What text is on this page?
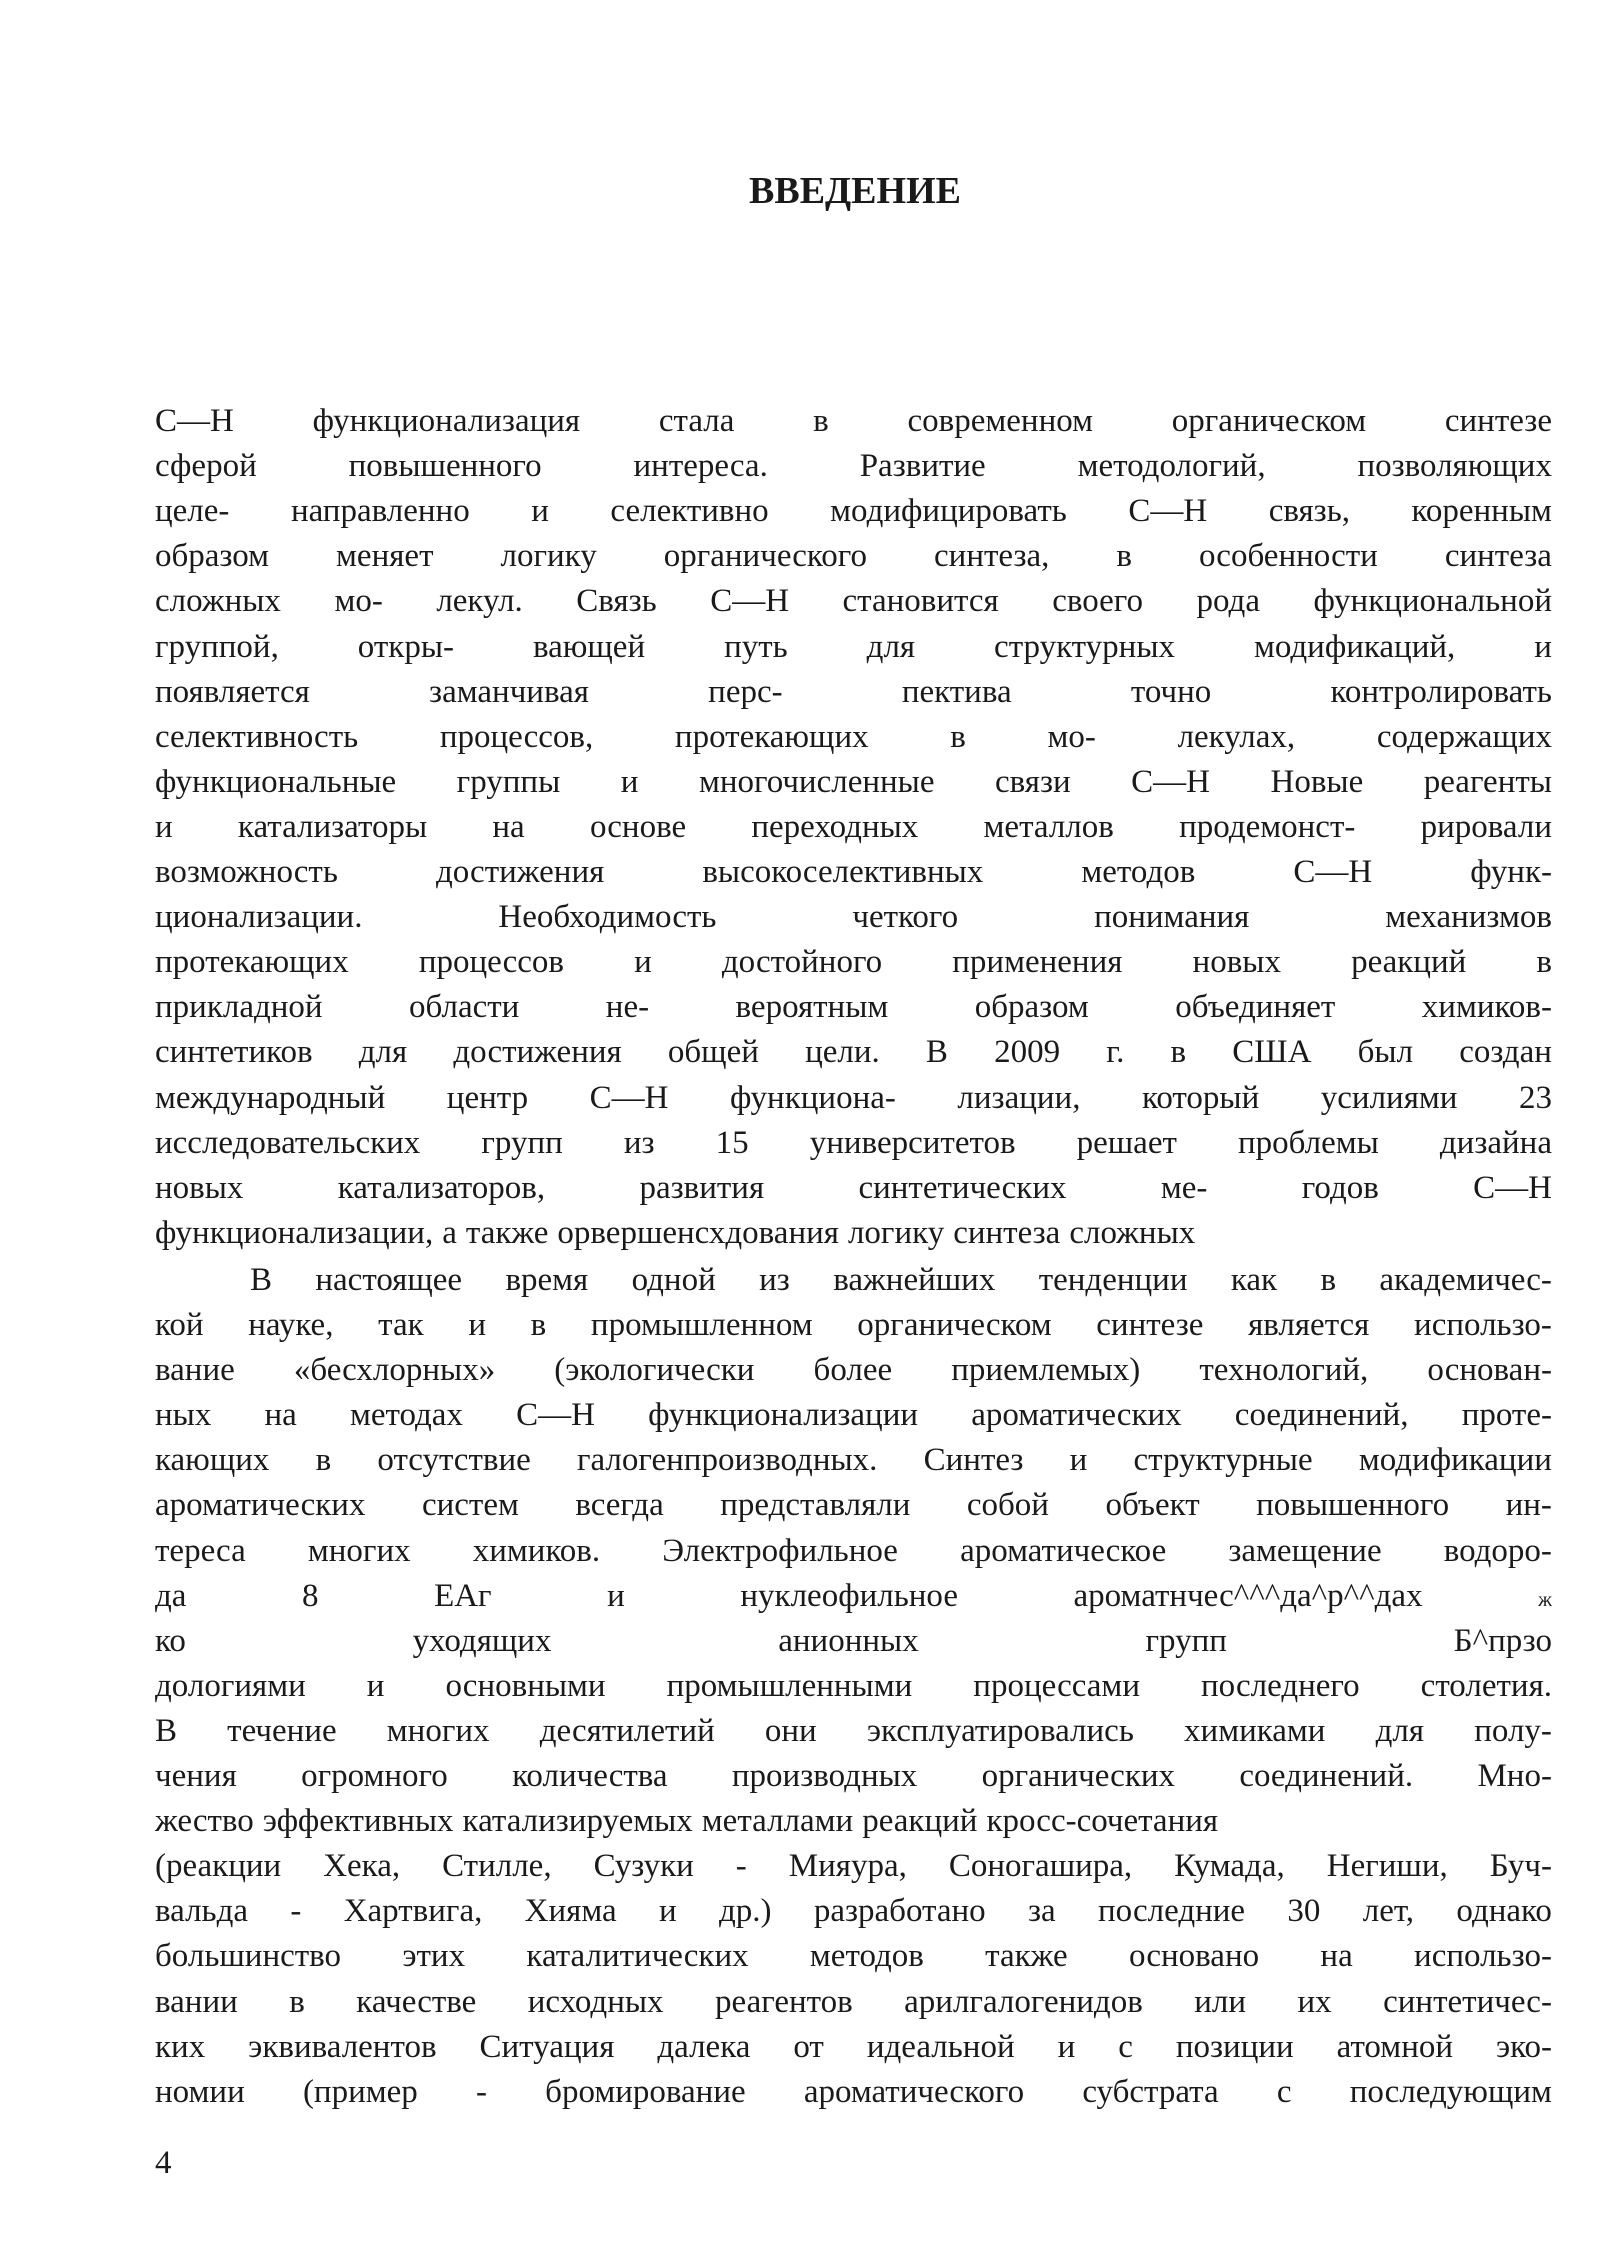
ВВЕДЕНИЕ
С—Н функционализация стала в современном органическом синтезе
сферой	повышенного	интереса.	Развитие	методологий,	позволяющих
целе- направленно и селективно модифицировать С—Н связь, коренным
образом меняет логику органического синтеза, в особенности синтеза
сложных мо- лекул. Связь С—Н становится своего рода функциональной
группой, откры- вающей путь для структурных модификаций, и
появляется	заманчивая	перс-	пектива	точно	контролировать
селективность процессов, протекающих в мо- лекулах, содержащих
функциональные группы и многочисленные связи С—Н Новые реагенты
и катализаторы на основе переходных металлов продемонст- рировали
возможность	достижения	высокоселективных	методов	С—Н	функ-
ционализации.	Необходимость	четкого	понимания	механизмов
протекающих процессов и достойного применения новых реакций в
прикладной	области	не-	вероятным	образом	объединяет	химиков-
синтетиков для достижения общей цели. В 2009 г. в США был создан
международный центр С—Н функциона- лизации, который усилиями 23
исследовательских групп из 15 университетов решает проблемы дизайна
новых	катализаторов,	развития	синтетических	ме-	годов	С—Н
функционализации, а также орвершенсхдования логику синтеза сложных
В настоящее время одной из важнейших тенденции как в академичес-
кой науке, так и в промышленном органическом синтезе является использо-
вание «бесхлорных» (экологически более приемлемых) технологий, основан-
ных на методах С—Н функционализации ароматических соединений, проте-
кающих в отсутствие галогенпроизводных. Синтез и структурные модификации
ароматических систем всегда представляли собой объект повышенного ин-
тереса многих химиков. Электрофильное ароматическое замещение водоро-
да	8	ЕАг	и	нуклеофильное	ароматнчес^^^да^р^^дах	ж
ко	уходящих	анионных	групп	Б^прзо
дологиями и основными промышленными процессами последнего столетия.
В течение многих десятилетий они эксплуатировались химиками для полу-
чения огромного количества производных органических соединений. Мно-
жество эффективных катализируемых металлами реакций кросс-сочетания
(реакции Хека, Стилле, Сузуки - Мияура, Соногашира, Кумада, Негиши, Буч-
вальда - Хартвига, Хияма и др.) разработано за последние 30 лет, однако
большинство этих каталитических методов также основано на использо-
вании в качестве исходных реагентов арилгалогенидов или их синтетичес-
ких эквивалентов Ситуация далека от идеальной и с позиции атомной эко-
номии (пример - бромирование ароматического субстрата с последующим
4
